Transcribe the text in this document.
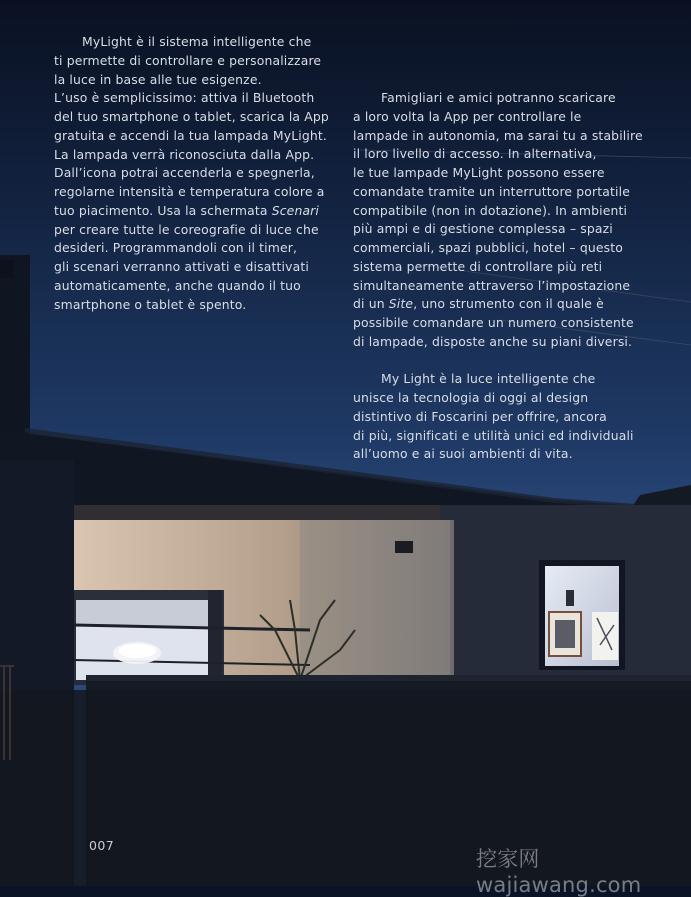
MyLight è il sistema intelligente che
ti permette di controllare e personalizzare
la luce in base alle tue esigenze.
L’uso è semplicissimo: attiva il Bluetooth
del tuo smartphone o tablet, scarica la App
gratuita e accendi la tua lampada MyLight.
La lampada verrà riconosciuta dalla App.
Dall’icona potrai accenderla e spegnerla,
regolarne intensità e temperatura colore a
tuo piacimento. Usa la schermata Scenari
per creare tutte le coreografie di luce che
desideri. Programmandoli con il timer,
gli scenari verranno attivati e disattivati
automaticamente, anche quando il tuo
smartphone o tablet è spento.

Famigliari e amici potranno scaricare
a loro volta la App per controllare le
lampade in autonomia, ma sarai tu a stabilire
il loro livello di accesso. In alternativa,
le tue lampade MyLight possono essere
comandate tramite un interruttore portatile
compatibile (non in dotazione). In ambienti
più ampi e di gestione complessa – spazi
commerciali, spazi pubblici, hotel – questo
sistema permette di controllare più reti
simultaneamente attraverso l’impostazione
di un Site, uno strumento con il quale è
possibile comandare un numero consistente
di lampade, disposte anche su piani diversi.

My Light è la luce intelligente che
unisce la tecnologia di oggi al design
distintivo di Foscarini per offrire, ancora
di più, significati e utilità unici ed individuali
all’uomo e ai suoi ambienti di vita.

007
挖家网 wajiawang.com
